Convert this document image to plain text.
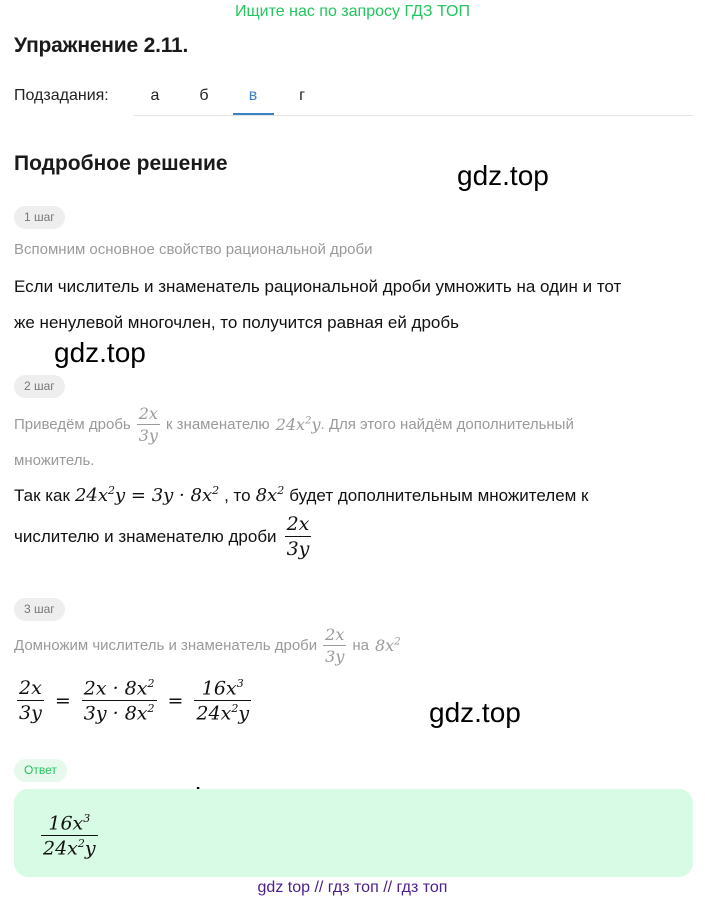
Ищите нас по запросу ГДЗ ТОП
Упражнение 2.11.
Подзадания:	а	б	в	г
Подробное решение	gdz.top
gdz.top
gdz.top
1 шаг
Вспомним основное свойство рациональной дроби
Если числитель и знаменатель рациональной дроби умножить на один и тот
же ненулевой многочлен, то получится равная ей дробь
2 шаг
Приведём дробь $\frac{2x}{3y}$ к знаменателю $24x^2y$ . Для этого найдём дополнительный
множитель.
Так как $24x^2y = 3y \cdot 8x^2$ , то $8x^2$ будет дополнительным множителем к
числителю и знаменателю дроби $\frac{2x}{3y}$
3 шаг
Домножим числитель и знаменатель дроби $\frac{2x}{3y}$ на $8x^2$
$\frac{2x}{3y} = \frac{2x \cdot 8x^2}{3y \cdot 8x^2} = \frac{16x^3}{24x^2y}$
Ответ
$\frac{16x^3}{24x^2y}$
gdz top // гдз топ // гдз топ
